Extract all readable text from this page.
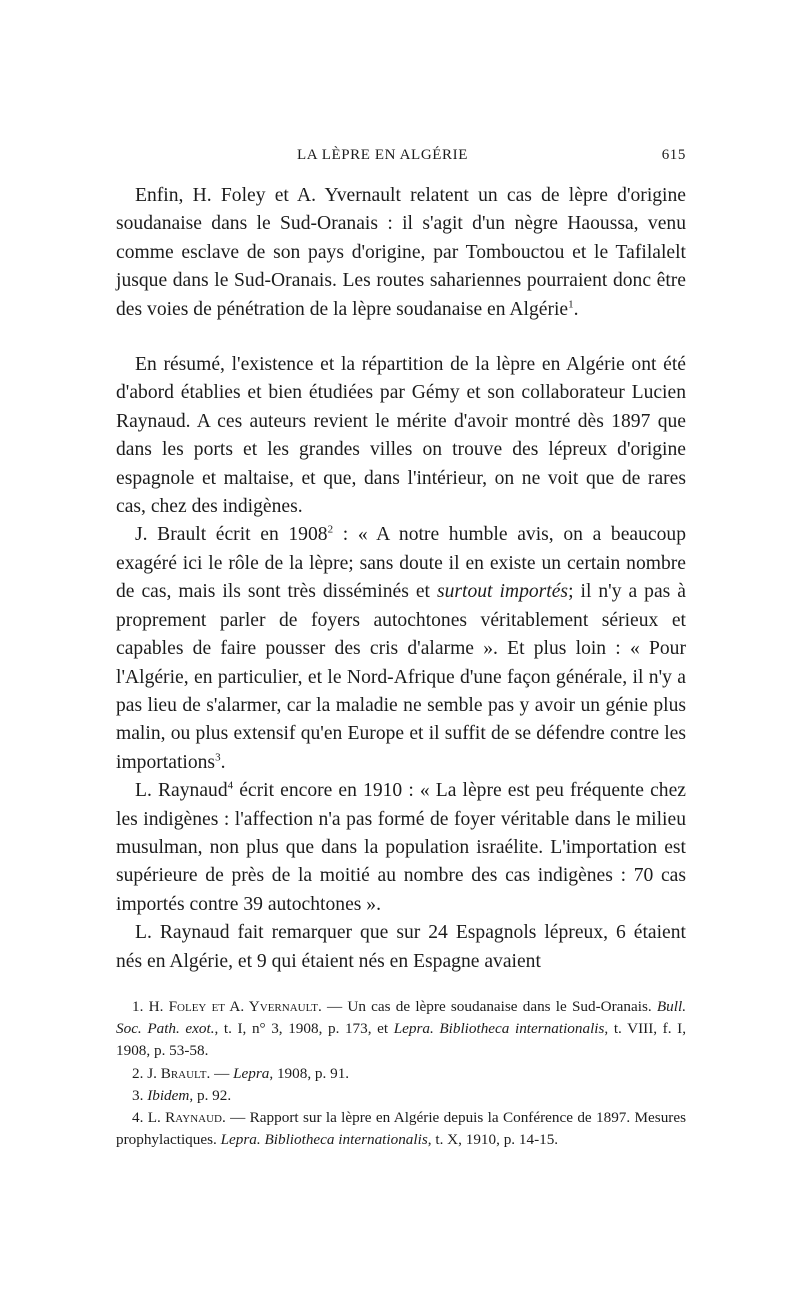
LA LÈPRE EN ALGÉRIE	615

Enfin, H. Foley et A. Yvernault relatent un cas de lèpre d'origine soudanaise dans le Sud-Oranais : il s'agit d'un nègre Haoussa, venu comme esclave de son pays d'origine, par Tombouctou et le Tafilalelt jusque dans le Sud-Oranais. Les routes sahariennes pourraient donc être des voies de pénétration de la lèpre soudanaise en Algérie$^1$.

En résumé, l'existence et la répartition de la lèpre en Algérie ont été d'abord établies et bien étudiées par Gémy et son collaborateur Lucien Raynaud. A ces auteurs revient le mérite d'avoir montré dès 1897 que dans les ports et les grandes villes on trouve des lépreux d'origine espagnole et maltaise, et que, dans l'intérieur, on ne voit que de rares cas, chez des indigènes.

J. Brault écrit en 1908$^2$ : « A notre humble avis, on a beaucoup exagéré ici le rôle de la lèpre; sans doute il en existe un certain nombre de cas, mais ils sont très disséminés et surtout importés; il n'y a pas à proprement parler de foyers autochtones véritablement sérieux et capables de faire pousser des cris d'alarme ». Et plus loin : « Pour l'Algérie, en particulier, et le Nord-Afrique d'une façon générale, il n'y a pas lieu de s'alarmer, car la maladie ne semble pas y avoir un génie plus malin, ou plus extensif qu'en Europe et il suffit de se défendre contre les importations$^3$.

L. Raynaud$^4$ écrit encore en 1910 : « La lèpre est peu fréquente chez les indigènes : l'affection n'a pas formé de foyer véritable dans le milieu musulman, non plus que dans la population israélite. L'importation est supérieure de près de la moitié au nombre des cas indigènes : 70 cas importés contre 39 autochtones ».

L. Raynaud fait remarquer que sur 24 Espagnols lépreux, 6 étaient nés en Algérie, et 9 qui étaient nés en Espagne avaient

1. H. Foley et A. Yvernault. — Un cas de lèpre soudanaise dans le Sud-Oranais. Bull. Soc. Path. exot., t. I, n° 3, 1908, p. 173, et Lepra. Bibliotheca internationalis, t. VIII, f. I, 1908, p. 53-58.

2. J. Brault. — Lepra, 1908, p. 91.

3. Ibidem, p. 92.

4. L. Raynaud. — Rapport sur la lèpre en Algérie depuis la Conférence de 1897. Mesures prophylactiques. Lepra. Bibliotheca internationalis, t. X, 1910, p. 14-15.
